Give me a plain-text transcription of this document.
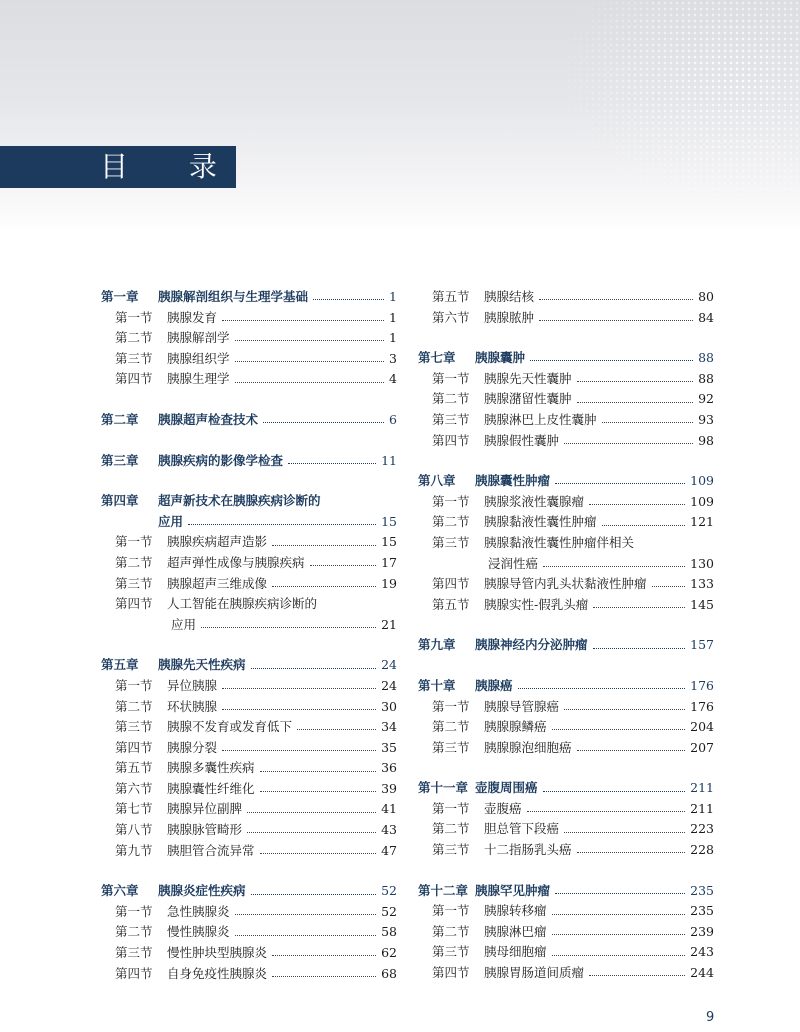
目 录
第一章	胰腺解剖组织与生理学基础	1
第一节	胰腺发育	1
第二节	胰腺解剖学	1
第三节	胰腺组织学	3
第四节	胰腺生理学	4
第二章	胰腺超声检查技术	6
第三章	胰腺疾病的影像学检查	11
第四章	超声新技术在胰腺疾病诊断的
应用	15
第一节	胰腺疾病超声造影	15
第二节	超声弹性成像与胰腺疾病	17
第三节	胰腺超声三维成像	19
第四节	人工智能在胰腺疾病诊断的
应用	21
第五章	胰腺先天性疾病	24
第一节	异位胰腺	24
第二节	环状胰腺	30
第三节	胰腺不发育或发育低下	34
第四节	胰腺分裂	35
第五节	胰腺多囊性疾病	36
第六节	胰腺囊性纤维化	39
第七节	胰腺异位副脾	41
第八节	胰腺脉管畸形	43
第九节	胰胆管合流异常	47
第六章	胰腺炎症性疾病	52
第一节	急性胰腺炎	52
第二节	慢性胰腺炎	58
第三节	慢性肿块型胰腺炎	62
第四节	自身免疫性胰腺炎	68
第五节	胰腺结核	80
第六节	胰腺脓肿	84
第七章	胰腺囊肿	88
第一节	胰腺先天性囊肿	88
第二节	胰腺潴留性囊肿	92
第三节	胰腺淋巴上皮性囊肿	93
第四节	胰腺假性囊肿	98
第八章	胰腺囊性肿瘤	109
第一节	胰腺浆液性囊腺瘤	109
第二节	胰腺黏液性囊性肿瘤	121
第三节	胰腺黏液性囊性肿瘤伴相关
浸润性癌	130
第四节	胰腺导管内乳头状黏液性肿瘤	133
第五节	胰腺实性-假乳头瘤	145
第九章	胰腺神经内分泌肿瘤	157
第十章	胰腺癌	176
第一节	胰腺导管腺癌	176
第二节	胰腺腺鳞癌	204
第三节	胰腺腺泡细胞癌	207
第十一章 壶腹周围癌	211
第一节	壶腹癌	211
第二节	胆总管下段癌	223
第三节	十二指肠乳头癌	228
第十二章 胰腺罕见肿瘤	235
第一节	胰腺转移瘤	235
第二节	胰腺淋巴瘤	239
第三节	胰母细胞瘤	243
第四节	胰腺胃肠道间质瘤	244
9
